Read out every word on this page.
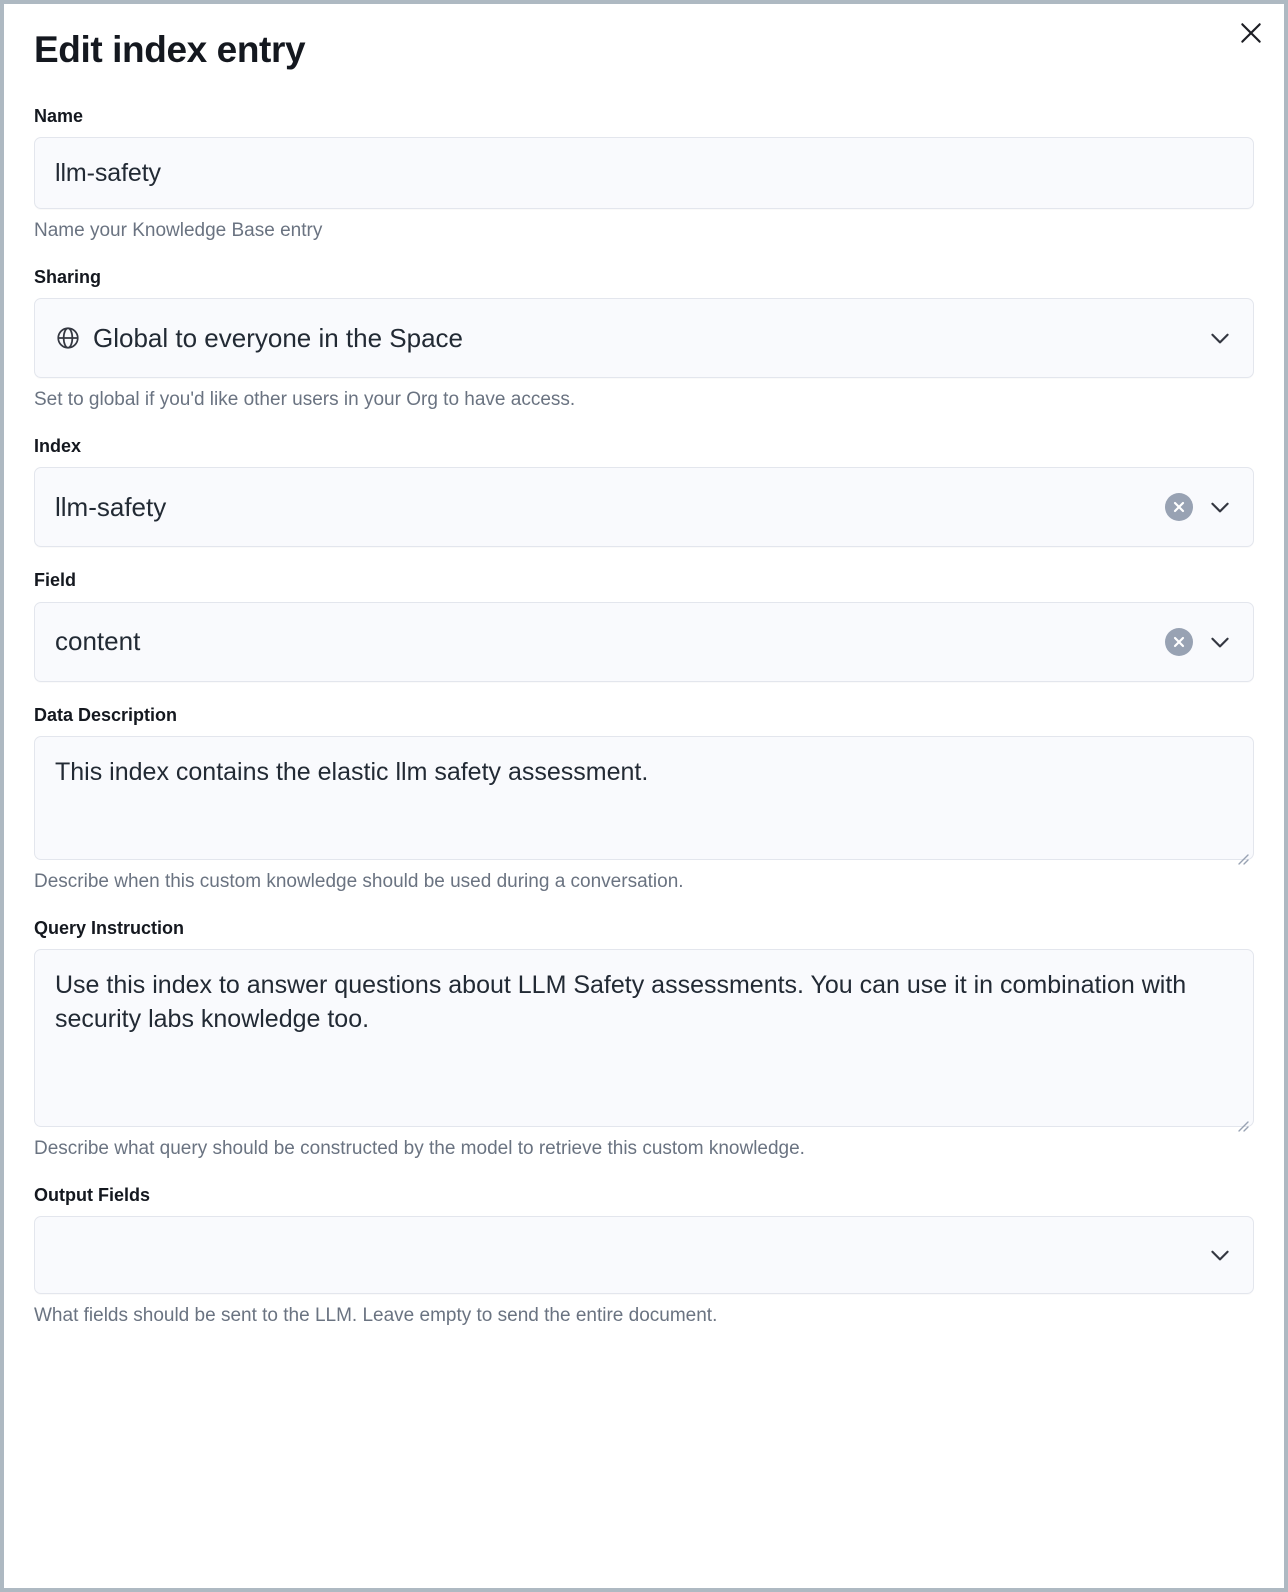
Edit index entry
Name
llm-safety
Name your Knowledge Base entry
Sharing
Global to everyone in the Space
Set to global if you'd like other users in your Org to have access.
Index
llm-safety
Field
content
Data Description
This index contains the elastic llm safety assessment.
Describe when this custom knowledge should be used during a conversation.
Query Instruction
Use this index to answer questions about LLM Safety assessments. You can use it in combination with security labs knowledge too.
Describe what query should be constructed by the model to retrieve this custom knowledge.
Output Fields
What fields should be sent to the LLM. Leave empty to send the entire document.
